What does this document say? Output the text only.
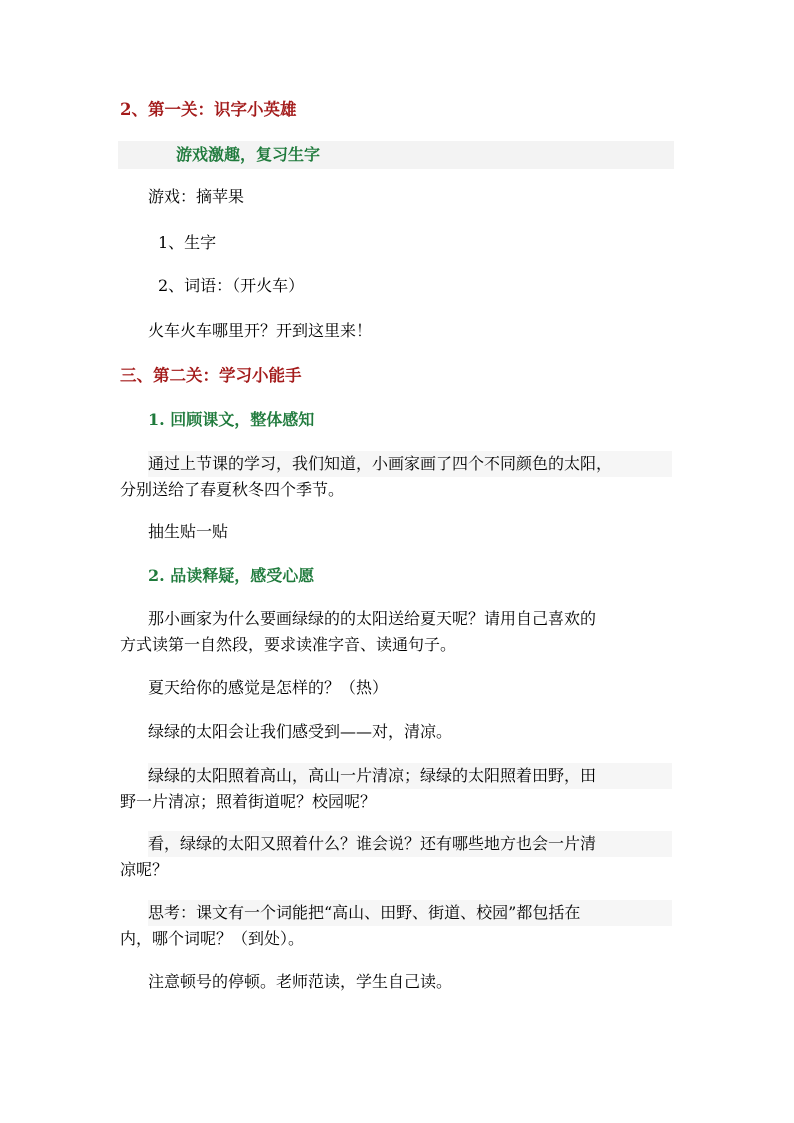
2、第一关：识字小英雄
游戏激趣，复习生字
游戏：摘苹果
1、生字
2、词语：（开火车）
火车火车哪里开？开到这里来！
三、第二关：学习小能手
1. 回顾课文，整体感知
通过上节课的学习，我们知道，小画家画了四个不同颜色的太阳，
分别送给了春夏秋冬四个季节。
抽生贴一贴
2. 品读释疑，感受心愿
那小画家为什么要画绿绿的的太阳送给夏天呢？请用自己喜欢的
方式读第一自然段，要求读准字音、读通句子。
夏天给你的感觉是怎样的？（热）
绿绿的太阳会让我们感受到——对，清凉。
绿绿的太阳照着高山，高山一片清凉；绿绿的太阳照着田野，田
野一片清凉；照着街道呢？校园呢？
看，绿绿的太阳又照着什么？谁会说？还有哪些地方也会一片清
凉呢？
思考：课文有一个词能把“高山、田野、街道、校园”都包括在
内，哪个词呢？（到处）。
注意顿号的停顿。老师范读，学生自己读。
